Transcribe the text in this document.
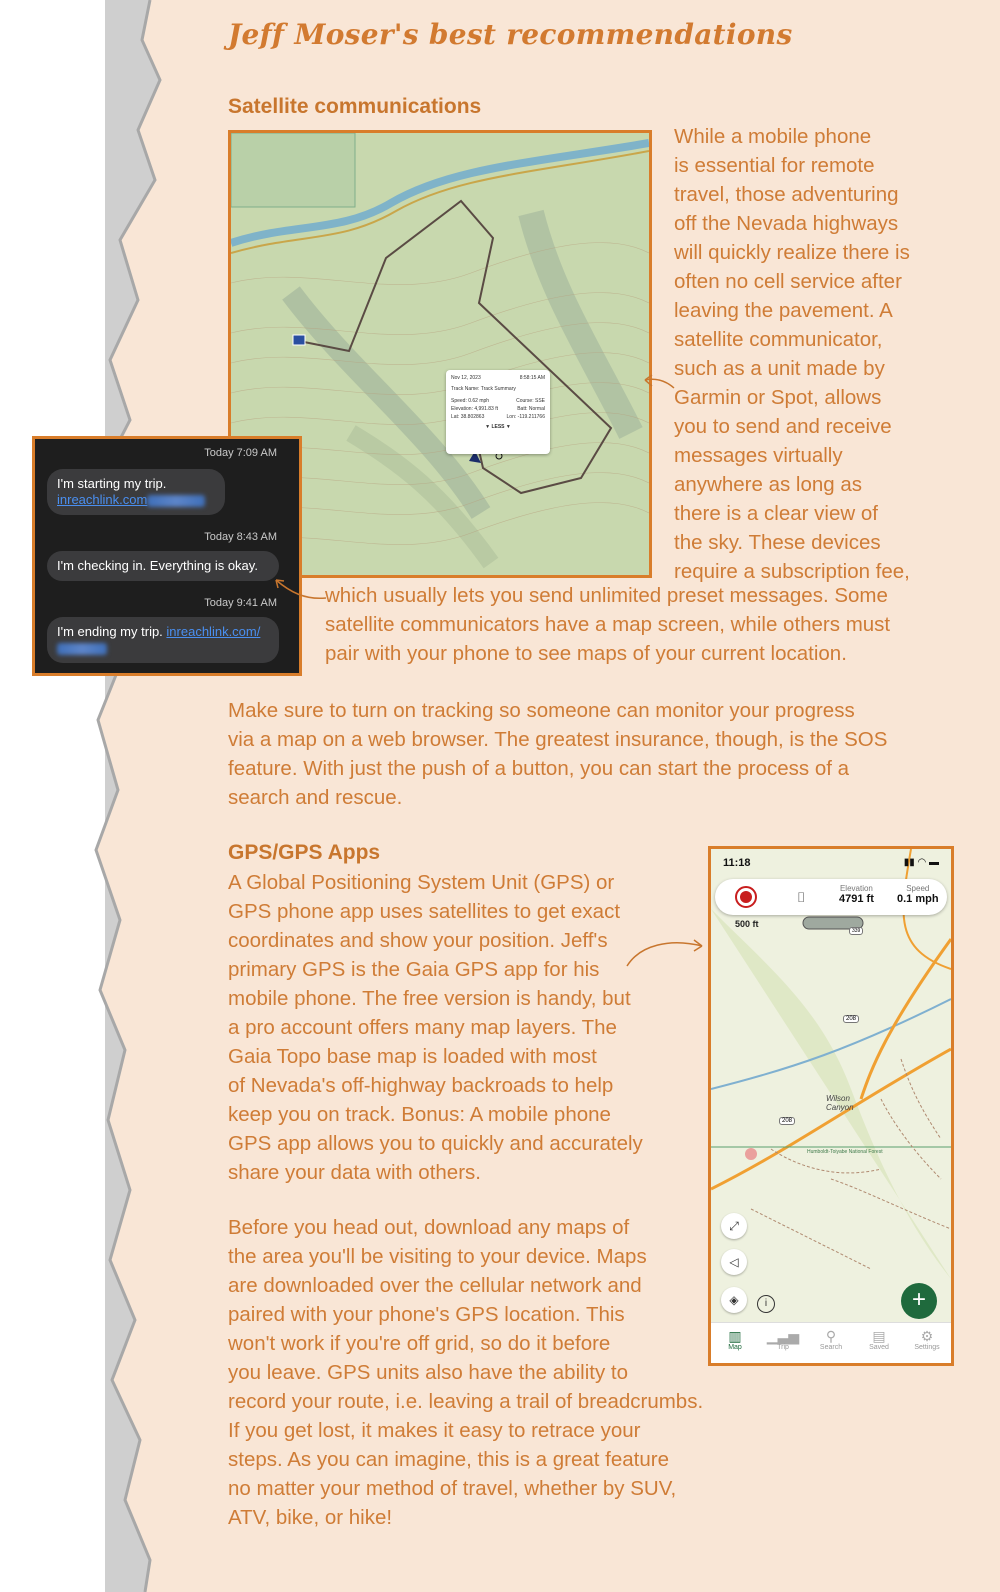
Jeff Moser's best recommendations
Satellite communications
Nov 12, 2023	8:58:15 AM
Track Name: Track Summary
Speed: 0.62 mph	Course: SSE
Elevation: 4,991.83 ft	Batt: Normal
Lat: 38.802863	Lon: -119.211766
▼ LESS ▼
While a mobile phone
is essential for remote
travel, those adventuring
off the Nevada highways
will quickly realize there is
often no cell service after
leaving the pavement. A
satellite communicator,
such as a unit made by
Garmin or Spot, allows
you to send and receive
messages virtually
anywhere as long as
there is a clear view of
the sky. These devices
require a subscription fee,
which usually lets you send unlimited preset messages. Some
satellite communicators have a map screen, while others must
pair with your phone to see maps of your current location.
Today 7:09 AM
I'm starting my trip.
inreachlink.com
Today 8:43 AM
I'm checking in. Everything is okay.
Today 9:41 AM
I'm ending my trip. inreachlink.com/

Make sure to turn on tracking so someone can monitor your progress
via a map on a web browser. The greatest insurance, though, is the SOS
feature. With just the push of a button, you can start the process of a
search and rescue.
GPS/GPS Apps
A Global Positioning System Unit (GPS) or
GPS phone app uses satellites to get exact
coordinates and show your position. Jeff's
primary GPS is the Gaia GPS app for his
mobile phone. The free version is handy, but
a pro account offers many map layers. The
Gaia Topo base map is loaded with most
of Nevada's off-highway backroads to help
keep you on track. Bonus: A mobile phone
GPS app allows you to quickly and accurately
share your data with others.
Before you head out, download any maps of
the area you'll be visiting to your device. Maps
are downloaded over the cellular network and
paired with your phone's GPS location. This
won't work if you're off grid, so do it before
you leave. GPS units also have the ability to
record your route, i.e. leaving a trail of breadcrumbs.
If you get lost, it makes it easy to retrace your
steps. As you can imagine, this is a great feature
no matter your method of travel, whether by SUV,
ATV, bike, or hike!
11:18	▮▮ ◠ ▬
⌷
Elevation
4791 ft
Speed
0.1 mph
500 ft
Wilson
Canyon
Humboldt-Toiyabe National Forest
208
208
339
⤢
◁
◈	i	+
▥
Map
▁▃▅
Trip
⚲
Search
▤
Saved
⚙
Settings
